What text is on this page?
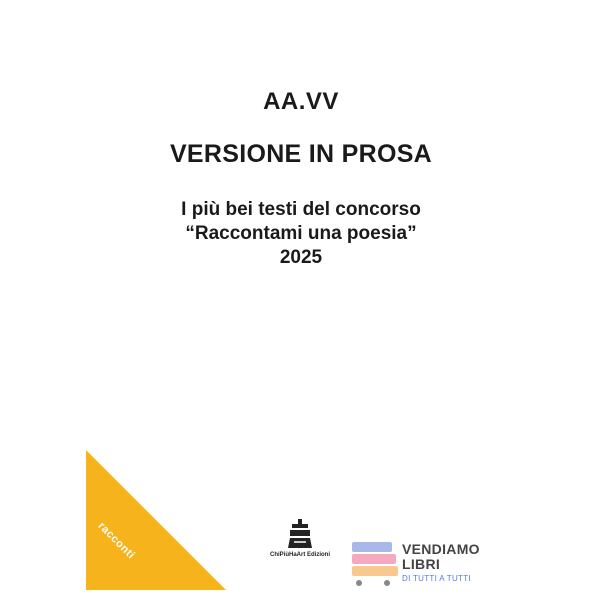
AA.VV
VERSIONE IN PROSA
I più bei testi del concorso
“Raccontami una poesia”
2025
racconti	ChiPiùHaArt Edizioni	VENDIAMO
LIBRI
DI TUTTI A TUTTI
